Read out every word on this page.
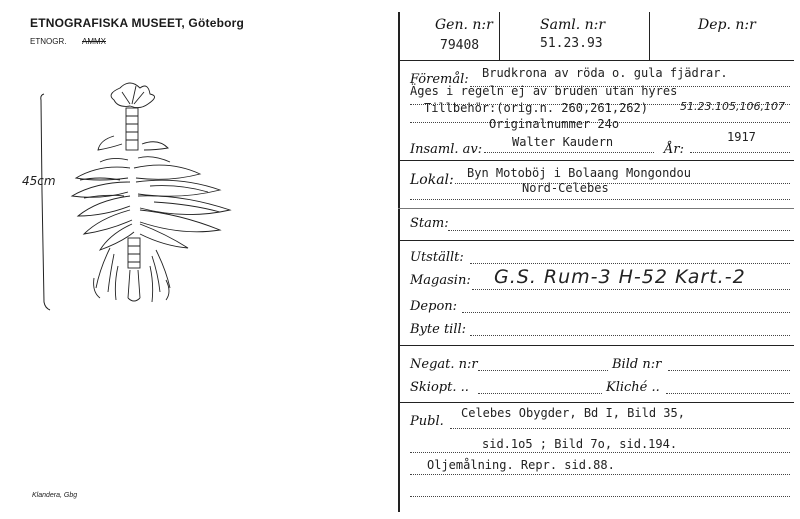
ETNOGRAFISKA MUSEET, Göteborg
ETNOGR. AMMX
45cm
Klandera, Gbg
Gen. n:r
79408
Saml. n:r
51.23.93
Dep. n:r
Föremål: Brudkrona av röda o. gula fjädrar.
Äges i regeln ej av bruden utan hyres
Tillbehör:(orig.n. 260,261,262)	51.23.105,106,107
Originalnummer 24o
Insaml. av: Walter Kaudern	År:
1917
Lokal: Byn Motoböj i Bolaang Mongondou
Nord-Celebes
Stam:
Utställt:
Magasin: G.S. Rum-3 H-52 Kart.-2
Depon:
Byte till:
Negat. n:r	Bild n:r
Skiopt. ..	Kliché ..
Publ.
Celebes Obygder, Bd I, Bild 35,
sid.1o5 ; Bild 7o, sid.194.
Oljemålning. Repr. sid.88.
